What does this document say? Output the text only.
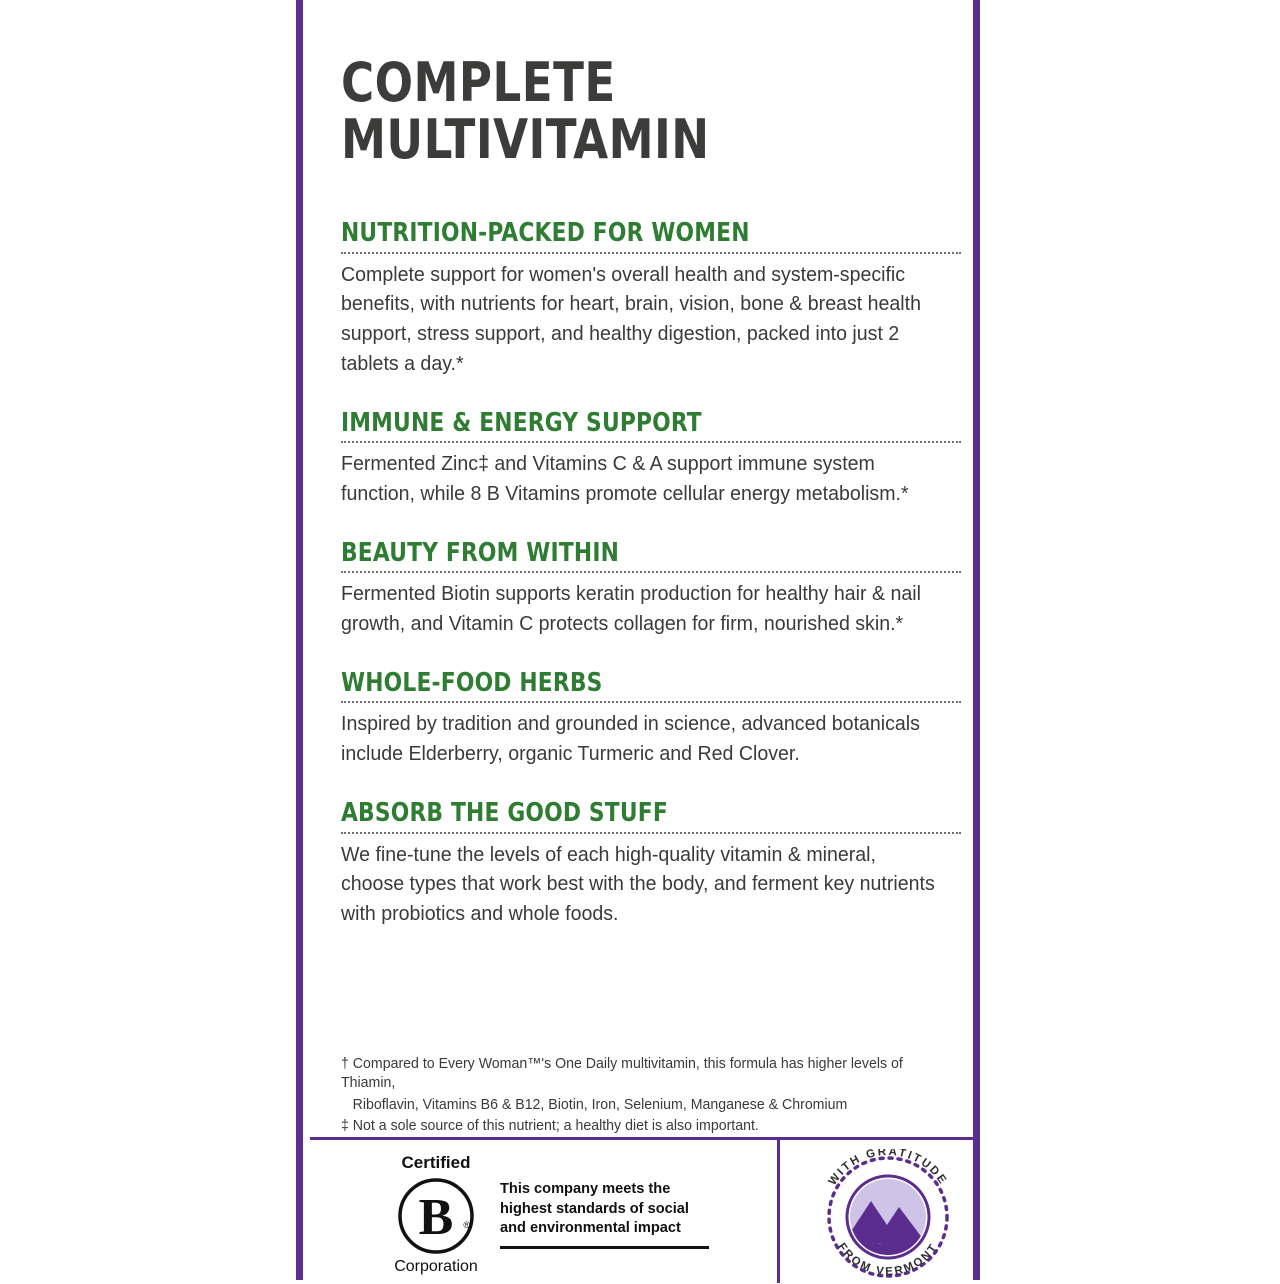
COMPLETE
MULTIVITAMIN
NUTRITION-PACKED FOR WOMEN
Complete support for women's overall health and system-specific benefits, with nutrients for heart, brain, vision, bone & breast health support, stress support, and healthy digestion, packed into just 2 tablets a day.*
IMMUNE & ENERGY SUPPORT
Fermented Zinc‡ and Vitamins C & A support immune system function, while 8 B Vitamins promote cellular energy metabolism.*
BEAUTY FROM WITHIN
Fermented Biotin supports keratin production for healthy hair & nail growth, and Vitamin C protects collagen for firm, nourished skin.*
WHOLE-FOOD HERBS
Inspired by tradition and grounded in science, advanced botanicals include Elderberry, organic Turmeric and Red Clover.
ABSORB THE GOOD STUFF
We fine-tune the levels of each high-quality vitamin & mineral, choose types that work best with the body, and ferment key nutrients with probiotics and whole foods.
† Compared to Every Woman™'s One Daily multivitamin, this formula has higher levels of Thiamin,
Riboflavin, Vitamins B6 & B12, Biotin, Iron, Selenium, Manganese & Chromium
‡ Not a sole source of this nutrient; a healthy diet is also important.
Certified
B ®
Corporation
This company meets the
highest standards of social
and environmental impact
WITH GRATITUDE
FROM VERMONT
